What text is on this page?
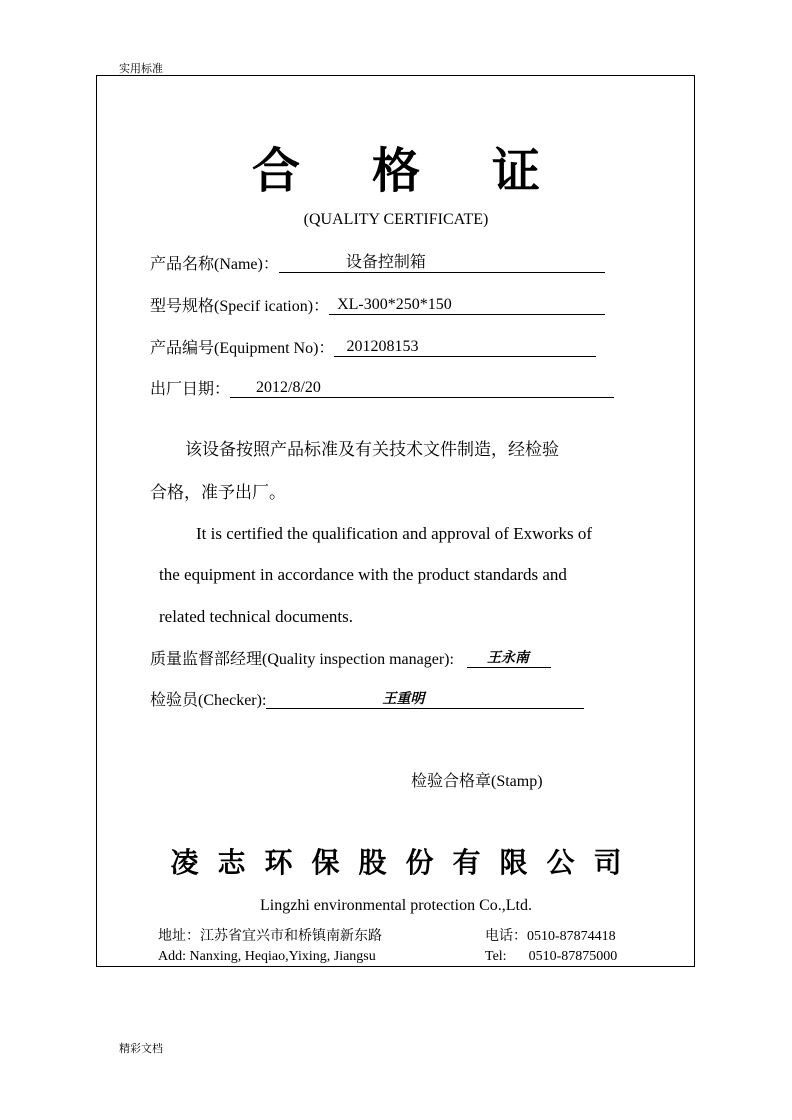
实用标准
合格证
(QUALITY CERTIFICATE)
产品名称(Name)：	设备控制箱
型号规格(Specif ication)： XL-300*250*150
产品编号(Equipment No)： 201208153
出厂日期： 2012/8/20
该设备按照产品标准及有关技术文件制造，经检验
合格，准予出厂。
It is certified the qualification and approval of Exworks of
the equipment in accordance with the product standards and
related technical documents.
质量监督部经理(Quality inspection manager): 王永南
检验员(Checker):	王重明
检验合格章(Stamp)
凌志环保股份有限公司
Lingzhi environmental protection Co.,Ltd.
地址：江苏省宜兴市和桥镇南新东路	电话：0510-87874418
Add: Nanxing, Heqiao,Yixing, Jiangsu	Tel: 0510-87875000
精彩文档
